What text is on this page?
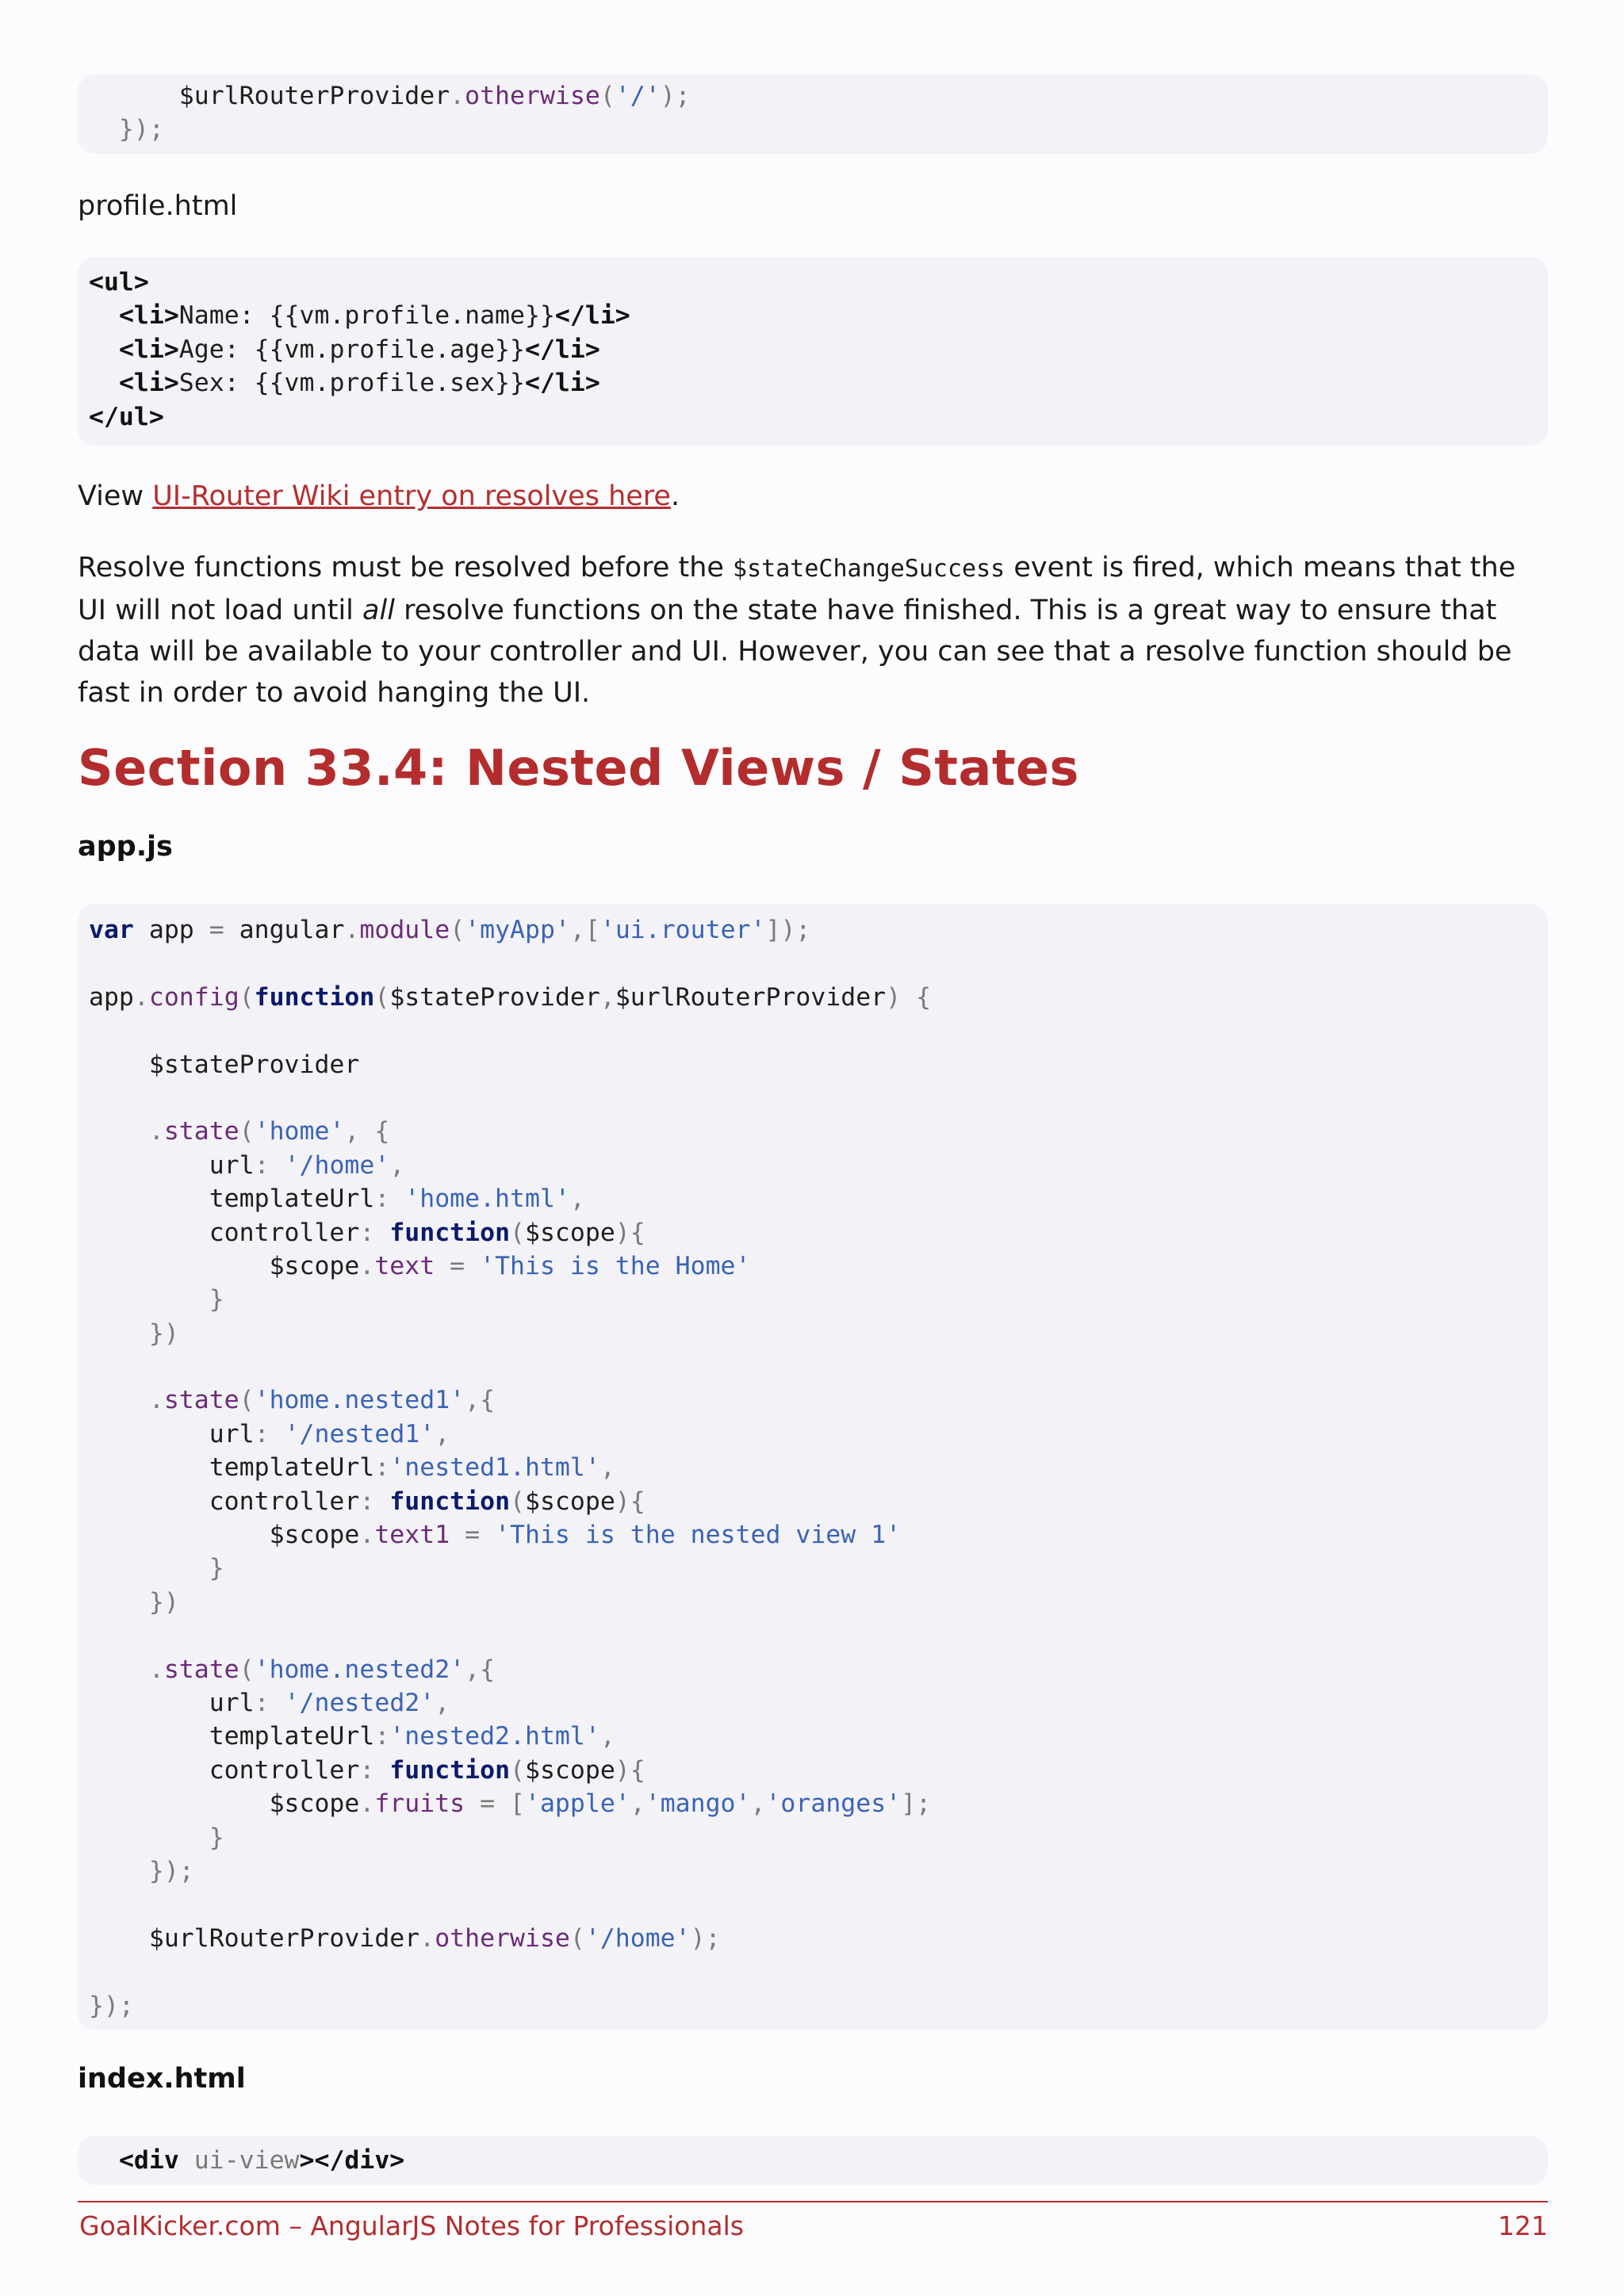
$urlRouterProvider.otherwise('/');
});
profile.html
<ul>
<li>Name: {{vm.profile.name}}</li>
<li>Age: {{vm.profile.age}}</li>
<li>Sex: {{vm.profile.sex}}</li>
</ul>
View UI-Router Wiki entry on resolves here.
Resolve functions must be resolved before the $stateChangeSuccess event is fired, which means that the UI will not load until all resolve functions on the state have finished. This is a great way to ensure that data will be available to your controller and UI. However, you can see that a resolve function should be fast in order to avoid hanging the UI.
Section 33.4: Nested Views / States
app.js
var app = angular.module('myApp',['ui.router']);
app.config(function($stateProvider,$urlRouterProvider) {
$stateProvider
.state('home', {
url: '/home',
templateUrl: 'home.html',
controller: function($scope){
$scope.text = 'This is the Home'
}
})
.state('home.nested1',{
url: '/nested1',
templateUrl:'nested1.html',
controller: function($scope){
$scope.text1 = 'This is the nested view 1'
}
})
.state('home.nested2',{
url: '/nested2',
templateUrl:'nested2.html',
controller: function($scope){
$scope.fruits = ['apple','mango','oranges'];
}
});
$urlRouterProvider.otherwise('/home');
});
index.html
<div ui-view></div>
GoalKicker.com – AngularJS Notes for Professionals	121
